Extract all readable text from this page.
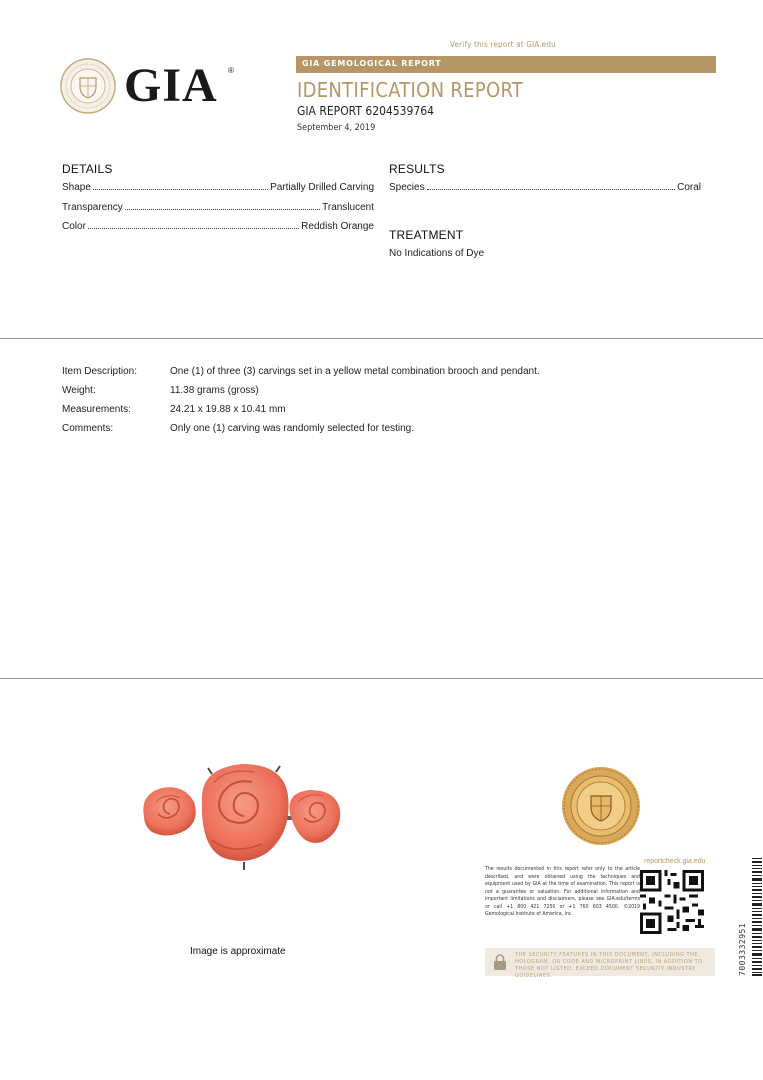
Verify this report at GIA.edu
GIA ®
GIA GEMOLOGICAL REPORT
IDENTIFICATION REPORT
GIA REPORT 6204539764
September 4, 2019
DETAILS
Shape	Partially Drilled Carving
Transparency	Translucent
Color	Reddish Orange
RESULTS
Species	Coral
TREATMENT
No Indications of Dye
Item Description:	One (1) of three (3) carvings set in a yellow metal combination brooch and pendant.
Weight:	11.38 grams (gross)
Measurements:	24.21 x 19.88 x 10.41 mm
Comments:	Only one (1) carving was randomly selected for testing.
Image is approximate
The results documented in this report refer only to the article described, and were obtained using the techniques and equipment used by GIA at the time of examination. This report is not a guarantee or valuation. For additional information and important limitations and disclaimers, please see GIA.edu/terms or call +1 800 421 7250 or +1 760 603 4500. ©2019 Gemological Institute of America, Inc.
reportcheck.gia.edu
THE SECURITY FEATURES IN THIS DOCUMENT, INCLUDING THE HOLOGRAM, QR CODE AND MICROPRINT LINES, IN ADDITION TO THOSE NOT LISTED, EXCEED DOCUMENT SECURITY INDUSTRY GUIDELINES.	7003332951
